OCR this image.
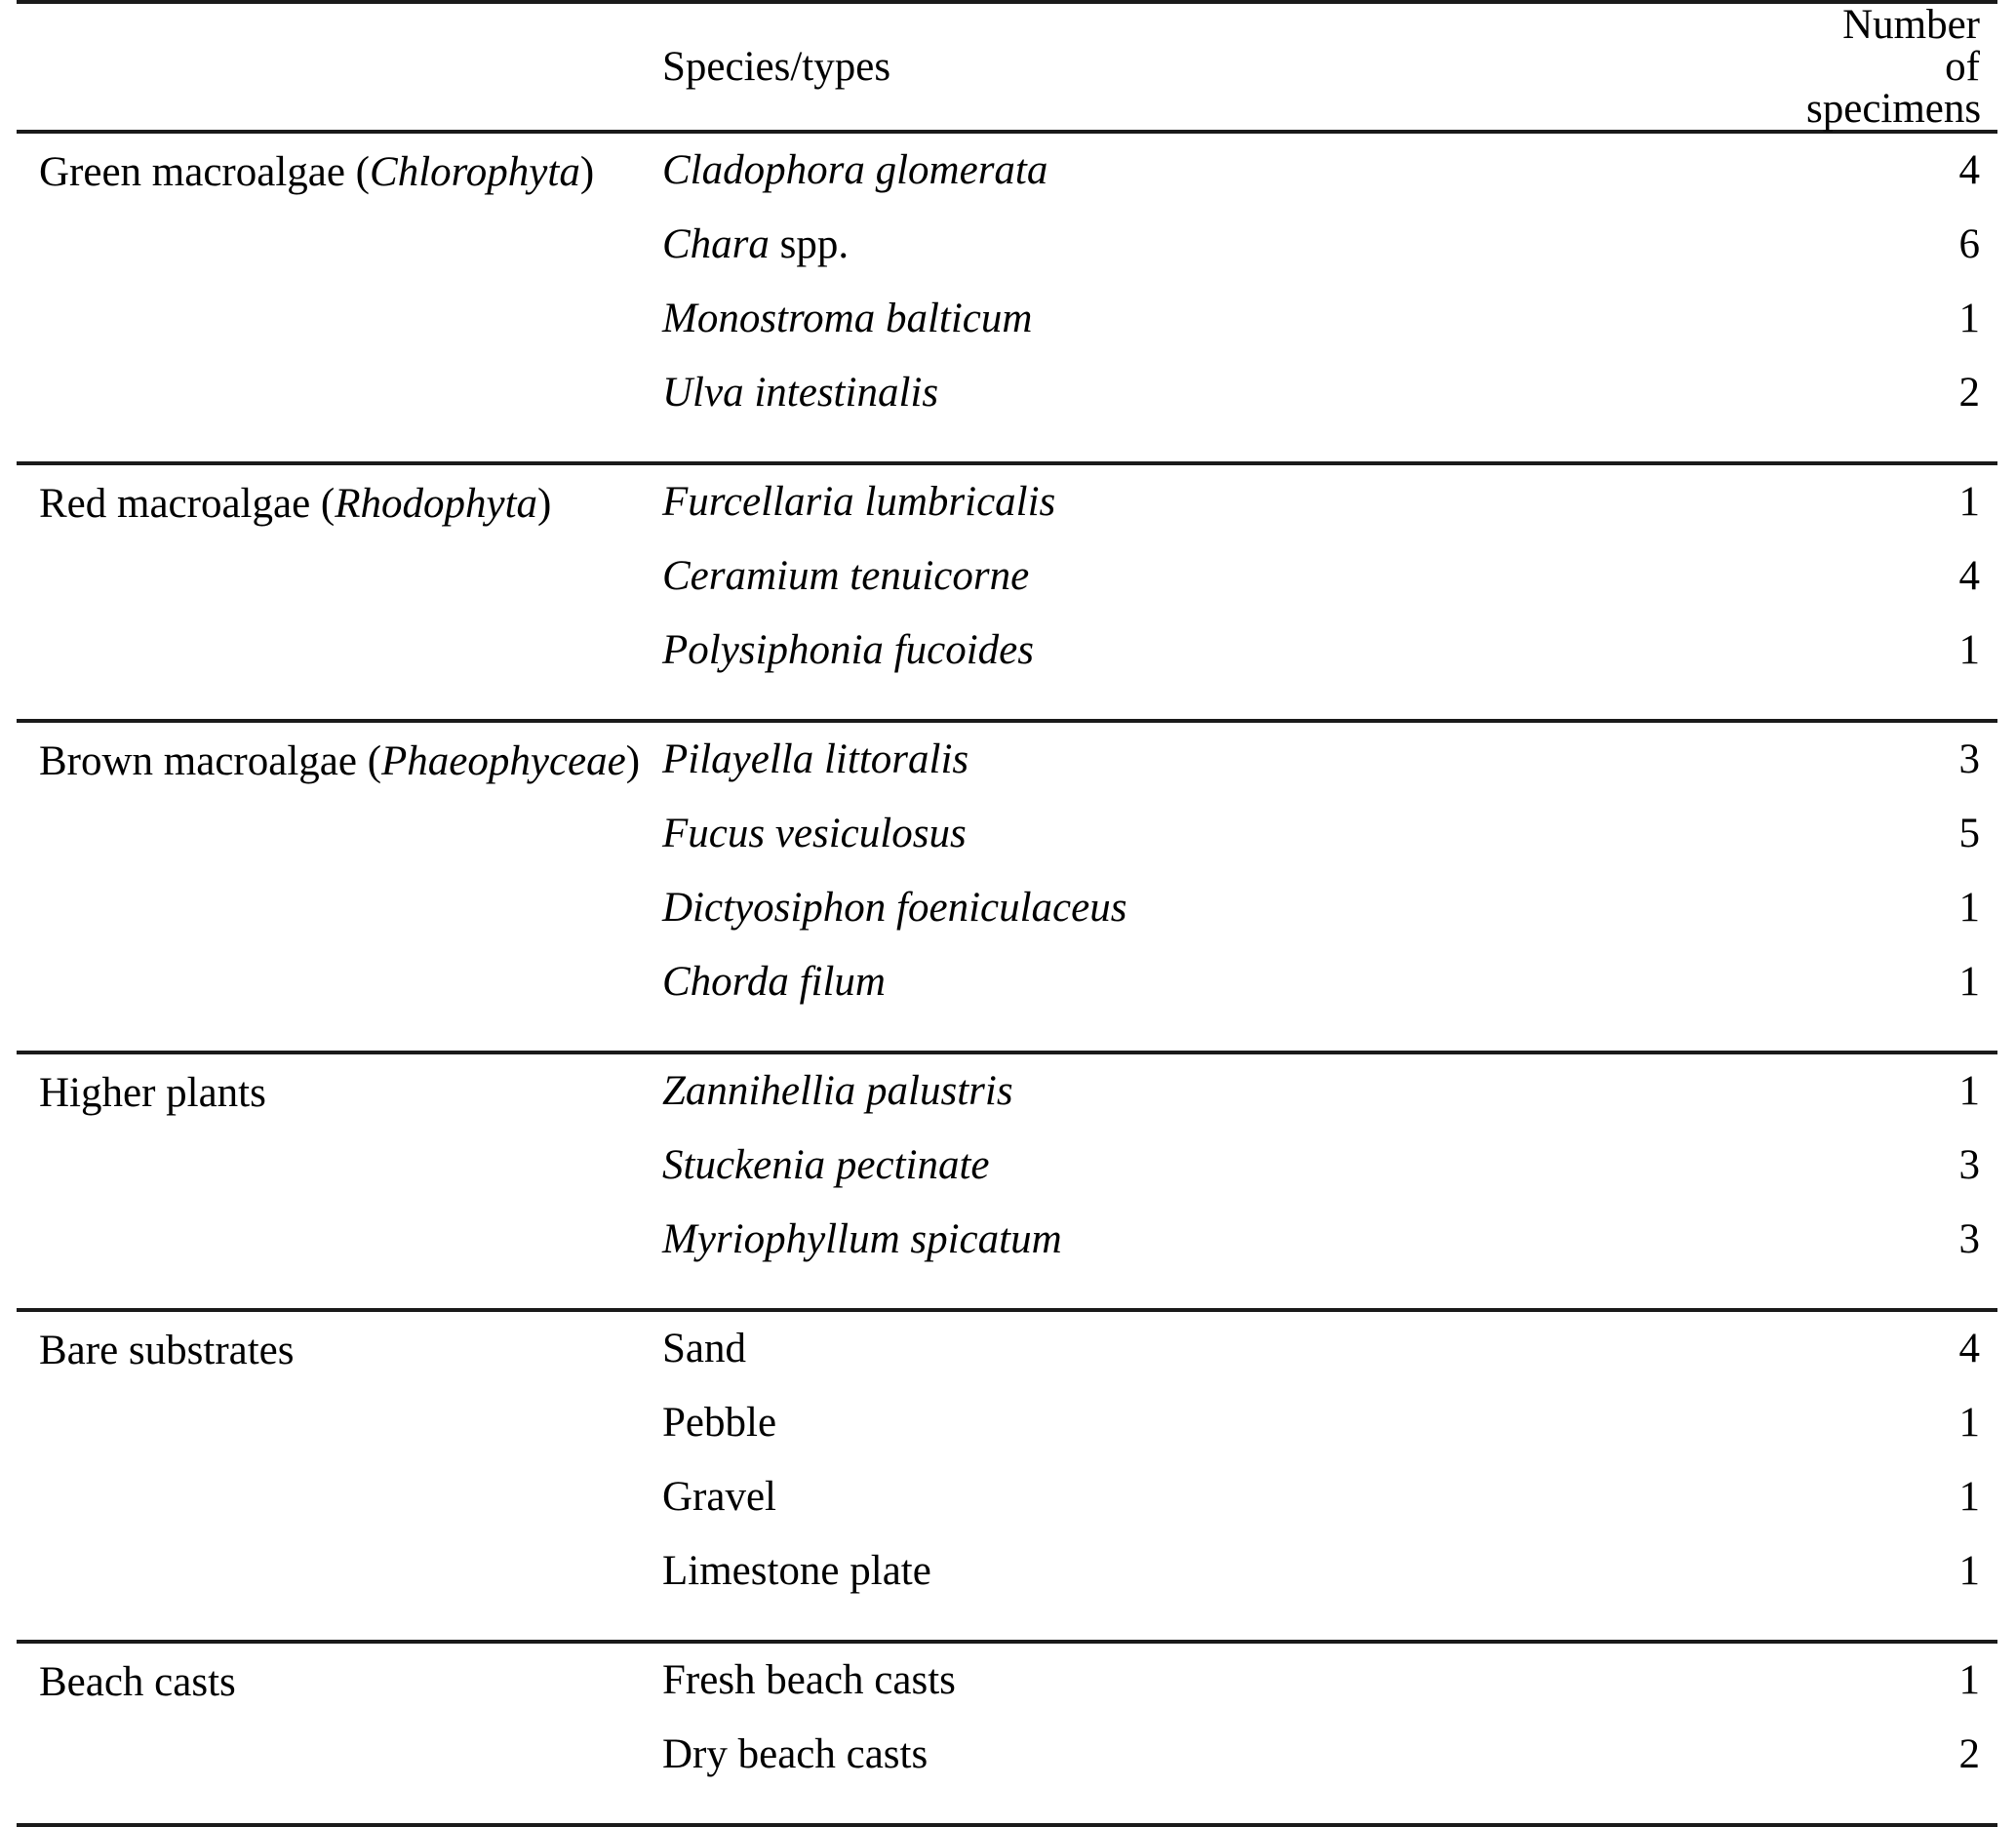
	Species/types	Number of specimens

Green macroalgae (Chlorophyta)	Cladophora glomerata	4
	Chara spp.	6
	Monostroma balticum	1
	Ulva intestinalis	2

Red macroalgae (Rhodophyta)	Furcellaria lumbricalis	1
	Ceramium tenuicorne	4
	Polysiphonia fucoides	1

Brown macroalgae (Phaeophyceae)	Pilayella littoralis	3
	Fucus vesiculosus	5
	Dictyosiphon foeniculaceus	1
	Chorda filum	1

Higher plants	Zannihellia palustris	1
	Stuckenia pectinate	3
	Myriophyllum spicatum	3

Bare substrates	Sand	4
	Pebble	1
	Gravel	1
	Limestone plate	1

Beach casts	Fresh beach casts	1
	Dry beach casts	2
